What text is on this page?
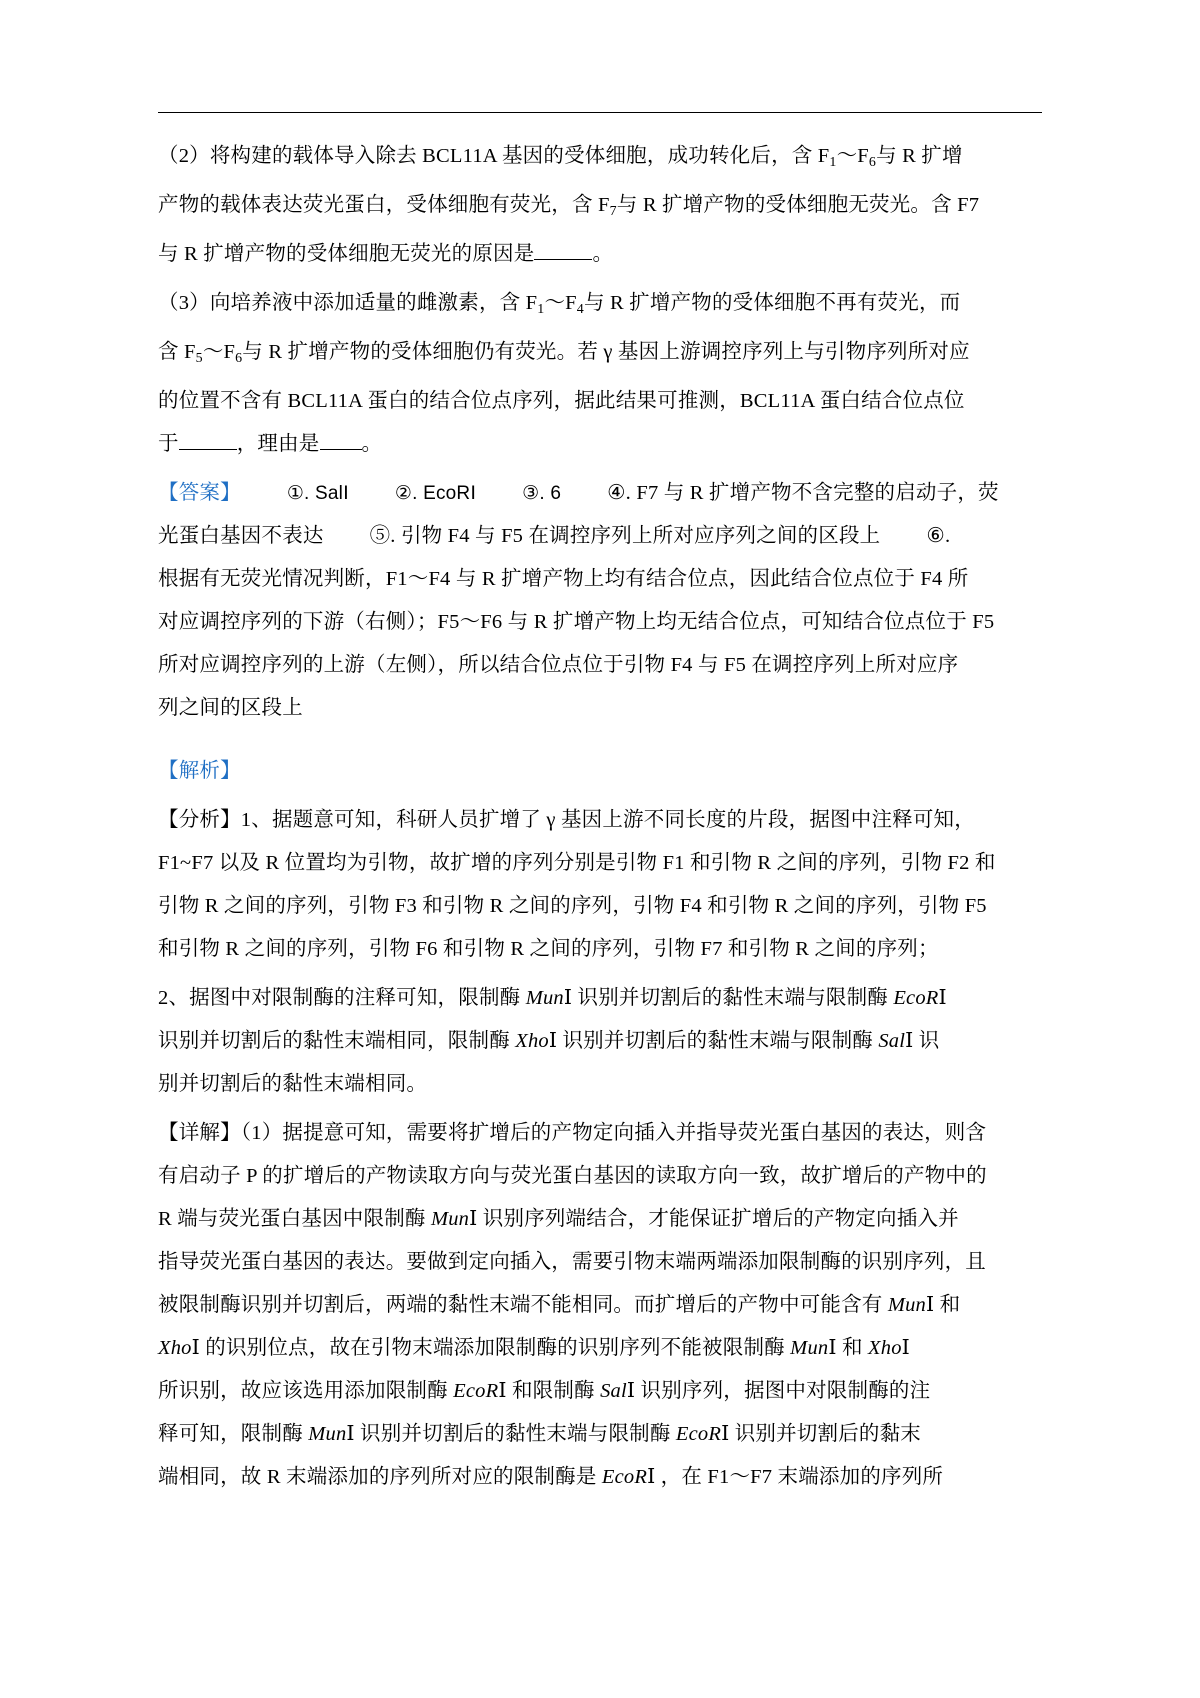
（2）将构建的载体导入除去 BCL11A 基因的受体细胞，成功转化后，含 $F_1\sim F_6$与 R 扩增
产物的载体表达荧光蛋白，受体细胞有荧光，含 $F_7$与 R 扩增产物的受体细胞无荧光。含 F7
与 R 扩增产物的受体细胞无荧光的原因是	。

（3）向培养液中添加适量的雌激素，含 $F_1\sim F_4$与 R 扩增产物的受体细胞不再有荧光，而
含 $F_5\sim F_6$与 R 扩增产物的受体细胞仍有荧光。若 γ 基因上游调控序列上与引物序列所对应
的位置不含有 BCL11A 蛋白的结合位点序列，据此结果可推测，BCL11A 蛋白结合位点位
于	，理由是 。

【答案】 ①. SalⅠ ②. EcoRⅠ ③. 6 ④. F7 与 R 扩增产物不含完整的启动子，荧
光蛋白基因不表达 ⑤. 引物 F4 与 F5 在调控序列上所对应序列之间的区段上 ⑥.
根据有无荧光情况判断，F1～F4 与 R 扩增产物上均有结合位点，因此结合位点位于 F4 所
对应调控序列的下游（右侧）；F5～F6 与 R 扩增产物上均无结合位点，可知结合位点位于 F5
所对应调控序列的上游（左侧），所以结合位点位于引物 F4 与 F5 在调控序列上所对应序
列之间的区段上

【解析】

【分析】1、据题意可知，科研人员扩增了 γ 基因上游不同长度的片段，据图中注释可知，
F1~F7 以及 R 位置均为引物，故扩增的序列分别是引物 F1 和引物 R 之间的序列，引物 F2 和
引物 R 之间的序列，引物 F3 和引物 R 之间的序列，引物 F4 和引物 R 之间的序列，引物 F5
和引物 R 之间的序列，引物 F6 和引物 R 之间的序列，引物 F7 和引物 R 之间的序列；

2、据图中对限制酶的注释可知，限制酶 MunⅠ 识别并切割后的黏性末端与限制酶 EcoRⅠ
识别并切割后的黏性末端相同，限制酶 XhoⅠ 识别并切割后的黏性末端与限制酶 SalⅠ 识
别并切割后的黏性末端相同。

【详解】（1）据提意可知，需要将扩增后的产物定向插入并指导荧光蛋白基因的表达，则含
有启动子 P 的扩增后的产物读取方向与荧光蛋白基因的读取方向一致，故扩增后的产物中的
R 端与荧光蛋白基因中限制酶 MunⅠ 识别序列端结合，才能保证扩增后的产物定向插入并
指导荧光蛋白基因的表达。要做到定向插入，需要引物末端两端添加限制酶的识别序列，且
被限制酶识别并切割后，两端的黏性末端不能相同。而扩增后的产物中可能含有 MunⅠ 和
XhoⅠ 的识别位点，故在引物末端添加限制酶的识别序列不能被限制酶 MunⅠ 和 XhoⅠ
所识别，故应该选用添加限制酶 EcoRⅠ 和限制酶 SalⅠ 识别序列，据图中对限制酶的注
释可知，限制酶 MunⅠ 识别并切割后的黏性末端与限制酶 EcoRⅠ 识别并切割后的黏末
端相同，故 R 末端添加的序列所对应的限制酶是 EcoRⅠ ，在 F1～F7 末端添加的序列所
